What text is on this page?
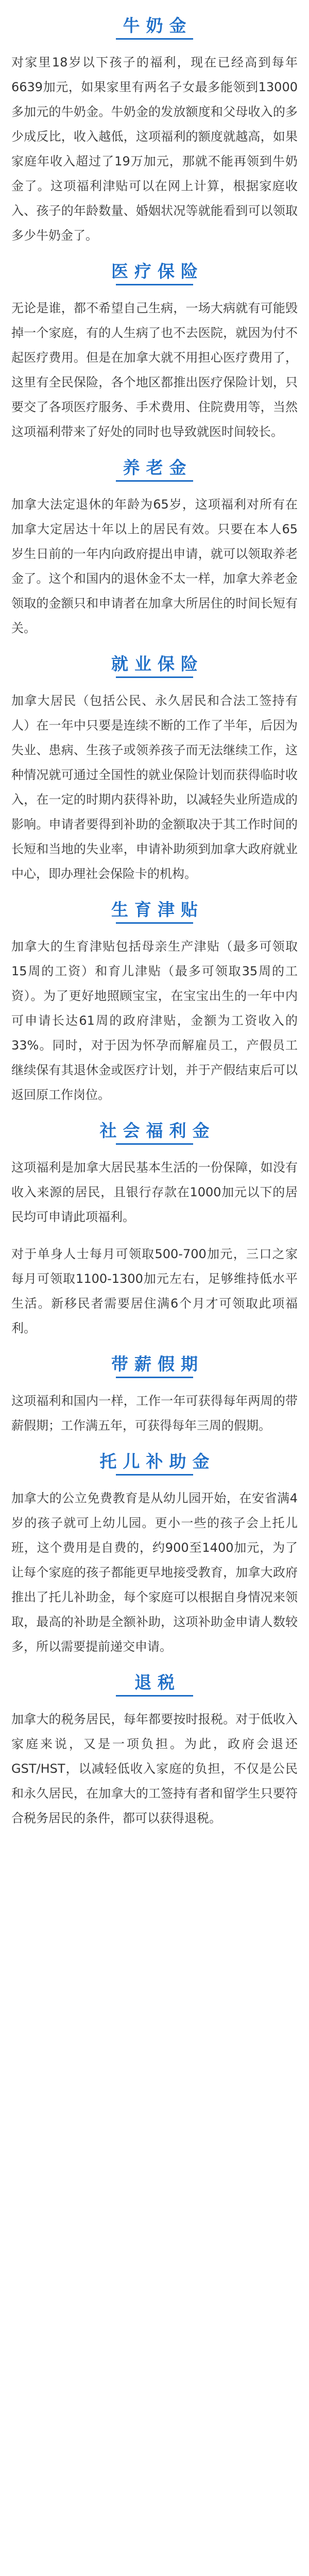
牛奶金

对家里18岁以下孩子的福利，现在已经高到每年6639加元，如果家里有两名子女最多能领到13000多加元的牛奶金。牛奶金的发放额度和父母收入的多少成反比，收入越低，这项福利的额度就越高，如果家庭年收入超过了19万加元，那就不能再领到牛奶金了。这项福利津贴可以在网上计算，根据家庭收入、孩子的年龄数量、婚姻状况等就能看到可以领取多少牛奶金了。

医疗保险

无论是谁，都不希望自己生病，一场大病就有可能毁掉一个家庭，有的人生病了也不去医院，就因为付不起医疗费用。但是在加拿大就不用担心医疗费用了，这里有全民保险，各个地区都推出医疗保险计划，只要交了各项医疗服务、手术费用、住院费用等，当然这项福利带来了好处的同时也导致就医时间较长。

养老金

加拿大法定退休的年龄为65岁，这项福利对所有在加拿大定居达十年以上的居民有效。只要在本人65岁生日前的一年内向政府提出申请，就可以领取养老金了。这个和国内的退休金不太一样，加拿大养老金领取的金额只和申请者在加拿大所居住的时间长短有关。

就业保险

加拿大居民（包括公民、永久居民和合法工签持有人）在一年中只要是连续不断的工作了半年，后因为失业、患病、生孩子或领养孩子而无法继续工作，这种情况就可通过全国性的就业保险计划而获得临时收入，在一定的时期内获得补助，以减轻失业所造成的影响。申请者要得到补助的金额取决于其工作时间的长短和当地的失业率，申请补助须到加拿大政府就业中心，即办理社会保险卡的机构。

生育津贴

加拿大的生育津贴包括母亲生产津贴（最多可领取15周的工资）和育儿津贴（最多可领取35周的工资）。为了更好地照顾宝宝，在宝宝出生的一年中内可申请长达61周的政府津贴，金额为工资收入的33%。同时，对于因为怀孕而解雇员工，产假员工继续保有其退休金或医疗计划，并于产假结束后可以返回原工作岗位。

社会福利金

这项福利是加拿大居民基本生活的一份保障，如没有收入来源的居民，且银行存款在1000加元以下的居民均可申请此项福利。

对于单身人士每月可领取500-700加元，三口之家每月可领取1100-1300加元左右，足够维持低水平生活。新移民者需要居住满6个月才可领取此项福利。

带薪假期

这项福利和国内一样，工作一年可获得每年两周的带薪假期；工作满五年，可获得每年三周的假期。

托儿补助金

加拿大的公立免费教育是从幼儿园开始，在安省满4岁的孩子就可上幼儿园。更小一些的孩子会上托儿班，这个费用是自费的，约900至1400加元，为了让每个家庭的孩子都能更早地接受教育，加拿大政府推出了托儿补助金，每个家庭可以根据自身情况来领取，最高的补助是全额补助，这项补助金申请人数较多，所以需要提前递交申请。

退税

加拿大的税务居民，每年都要按时报税。对于低收入家庭来说，又是一项负担。为此，政府会退还GST/HST，以减轻低收入家庭的负担，不仅是公民和永久居民，在加拿大的工签持有者和留学生只要符合税务居民的条件，都可以获得退税。
